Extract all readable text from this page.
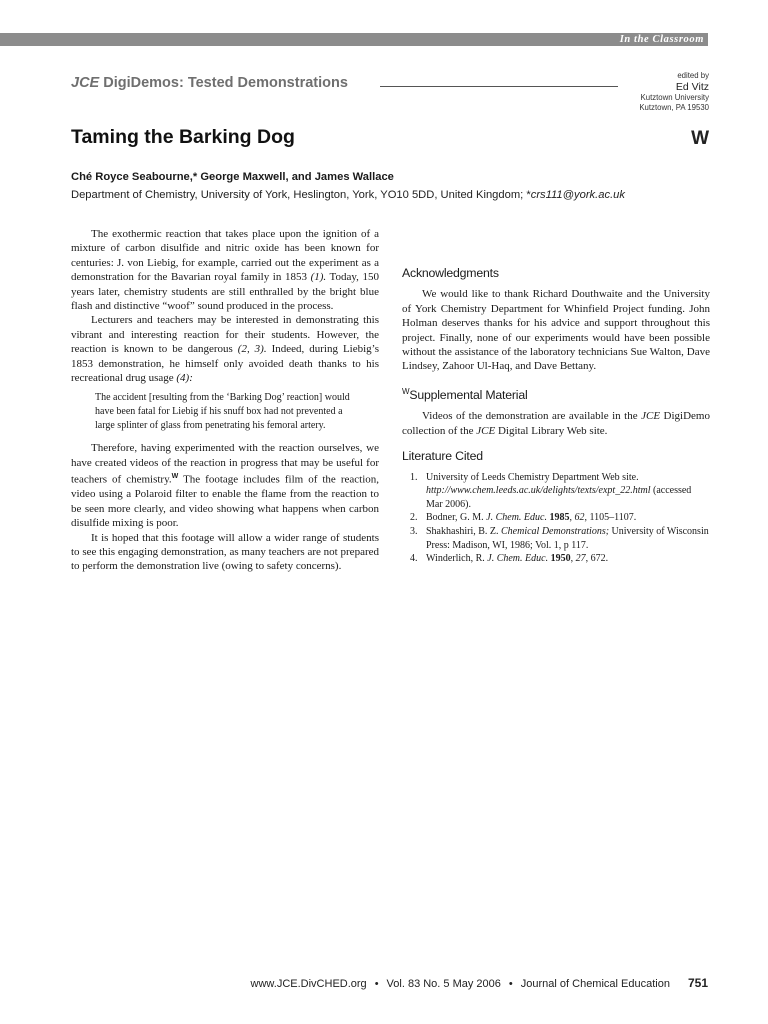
In the Classroom
JCE DigiDemos: Tested Demonstrations	edited by
Ed Vitz
Kutztown University
Kutztown, PA 19530
Taming the Barking Dog	W
Ché Royce Seabourne,* George Maxwell, and James Wallace
Department of Chemistry, University of York, Heslington, York, YO10 5DD, United Kingdom; *crs111@york.ac.uk

The exothermic reaction that takes place upon the ignition of a mixture of carbon disulfide and nitric oxide has been known for centuries: J. von Liebig, for example, carried out the experiment as a demonstration for the Bavarian royal family in 1853 (1). Today, 150 years later, chemistry students are still enthralled by the bright blue flash and distinctive “woof” sound produced in the process.

Lecturers and teachers may be interested in demonstrating this vibrant and interesting reaction for their students. However, the reaction is known to be dangerous (2, 3). Indeed, during Liebig’s 1853 demonstration, he himself only avoided death thanks to his recreational drug usage (4):

The accident [resulting from the ‘Barking Dog’ reaction] would have been fatal for Liebig if his snuff box had not prevented a large splinter of glass from penetrating his femoral artery.

Therefore, having experimented with the reaction ourselves, we have created videos of the reaction in progress that may be useful for teachers of chemistry.$^W$ The footage includes film of the reaction, video using a Polaroid filter to enable the flame from the reaction to be seen more clearly, and video showing what happens when carbon disulfide mixing is poor.

It is hoped that this footage will allow a wider range of students to see this engaging demonstration, as many teachers are not prepared to perform the demonstration live (owing to safety concerns).

Acknowledgments

We would like to thank Richard Douthwaite and the University of York Chemistry Department for Whinfield Project funding. John Holman deserves thanks for his advice and support throughout this project. Finally, none of our experiments would have been possible without the assistance of the laboratory technicians Sue Walton, Dave Lindsey, Zahoor Ul-Haq, and Dave Bettany.

$^W$Supplemental Material

Videos of the demonstration are available in the JCE DigiDemo collection of the JCE Digital Library Web site.

Literature Cited
1. University of Leeds Chemistry Department Web site. http://www.chem.leeds.ac.uk/delights/texts/expt_22.html (accessed Mar 2006).
2. Bodner, G. M. J. Chem. Educ. 1985, 62, 1105–1107.
3. Shakhashiri, B. Z. Chemical Demonstrations; University of Wisconsin Press: Madison, WI, 1986; Vol. 1, p 117.
4. Winderlich, R. J. Chem. Educ. 1950, 27, 672.
www.JCE.DivCHED.org • Vol. 83 No. 5 May 2006 • Journal of Chemical Education 751
